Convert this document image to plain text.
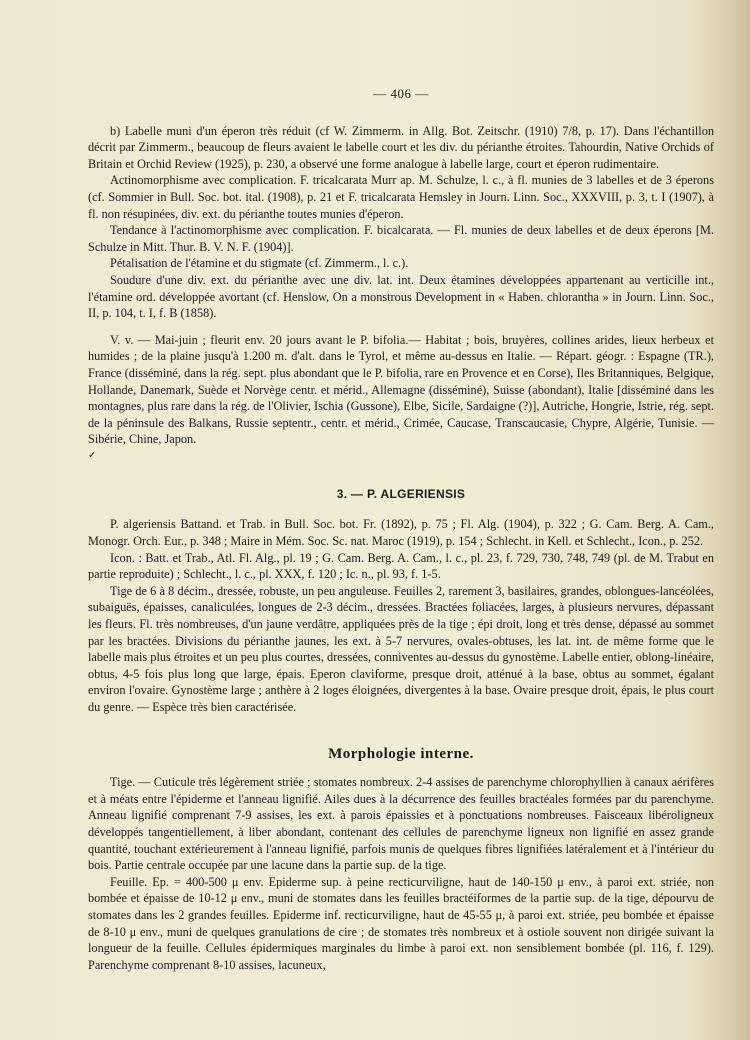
— 406 —

b) Labelle muni d'un éperon très réduit (cf W. Zimmerm. in Allg. Bot. Zeitschr. (1910) 7/8, p. 17). Dans l'échantillon décrit par Zimmerm., beaucoup de fleurs avaient le labelle court et les div. du périanthe étroites. Tahourdin, Native Orchids of Britain et Orchid Review (1925), p. 230, a observé une forme analogue à labelle large, court et éperon rudimentaire.

Actinomorphisme avec complication. F. tricalcarata Murr ap. M. Schulze, l. c., à fl. munies de 3 labelles et de 3 éperons (cf. Sommier in Bull. Soc. bot. ital. (1908), p. 21 et F. tricalcarata Hemsley in Journ. Linn. Soc., XXXVIII, p. 3, t. I (1907), à fl. non résupinées, div. ext. du périanthe toutes munies d'éperon.

Tendance à l'actinomorphisme avec complication. F. bicalcarata. — Fl. munies de deux labelles et de deux éperons [M. Schulze in Mitt. Thur. B. V. N. F. (1904)].

Pétalisation de l'étamine et du stigmate (cf. Zimmerm., l. c.).

Soudure d'une div. ext. du périanthe avec une div. lat. int. Deux étamines développées appartenant au verticille int., l'étamine ord. développée avortant (cf. Henslow, On a monstrous Development in « Haben. chlorantha » in Journ. Linn. Soc., II, p. 104, t. I, f. B (1858).

V. v. — Mai-juin ; fleurit env. 20 jours avant le P. bifolia.— Habitat ; bois, bruyères, collines arides, lieux herbeux et humides ; de la plaine jusqu'à 1.200 m. d'alt. dans le Tyrol, et même au-dessus en Italie. — Répart. géogr. : Espagne (TR.), France (disséminé, dans la rég. sept. plus abondant que le P. bifolia, rare en Provence et en Corse), Iles Britanniques, Belgique, Hollande, Danemark, Suède et Norvège centr. et mérid., Allemagne (disséminé), Suisse (abondant), Italie [disséminé dans les montagnes, plus rare dans la rég. de l'Olivier, Ischia (Gussone), Elbe, Sicile, Sardaigne (?)], Autriche, Hongrie, Istrie, rég. sept. de la péninsule des Balkans, Russie septentr., centr. et mérid., Crimée, Caucase, Transcaucasie, Chypre, Algérie, Tunisie. — Sibérie, Chine, Japon.

✓
3. — P. ALGERIENSIS

P. algeriensis Battand. et Trab. in Bull. Soc. bot. Fr. (1892), p. 75 ; Fl. Alg. (1904), p. 322 ; G. Cam. Berg. A. Cam., Monogr. Orch. Eur., p. 348 ; Maire in Mém. Soc. Sc. nat. Maroc (1919), p. 154 ; Schlecht. in Kell. et Schlecht., Icon., p. 252.

Icon. : Batt. et Trab., Atl. Fl. Alg., pl. 19 ; G. Cam. Berg. A. Cam., l. c., pl. 23, f. 729, 730, 748, 749 (pl. de M. Trabut en partie reproduite) ; Schlecht., l. c., pl. XXX, f. 120 ; Ic. n., pl. 93, f. 1-5.

Tige de 6 à 8 décim., dressée, robuste, un peu anguleuse. Feuilles 2, rarement 3, basilaires, grandes, oblongues-lancéolées, subaiguës, épaisses, canaliculées, longues de 2-3 décim., dressées. Bractées foliacées, larges, à plusieurs nervures, dépassant les fleurs. Fl. très nombreuses, d'un jaune verdâtre, appliquées près de la tige ; épi droit, long et très dense, dépassé au sommet par les bractées. Divisions du périanthe jaunes, les ext. à 5-7 nervures, ovales-obtuses, les lat. int. de même forme que le labelle mais plus étroites et un peu plus courtes, dressées, conniventes au-dessus du gynostème. Labelle entier, oblong-linéaire, obtus, 4-5 fois plus long que large, épais. Eperon claviforme, presque droit, atténué à la base, obtus au sommet, égalant environ l'ovaire. Gynostème large ; anthère à 2 loges éloignées, divergentes à la base. Ovaire presque droit, épais, le plus court du genre. — Espèce très bien caractérisée.

Morphologie interne.

Tige. — Cuticule très légèrement striée ; stomates nombreux. 2-4 assises de parenchyme chlorophyllien à canaux aérifères et à méats entre l'épiderme et l'anneau lignifié. Ailes dues à la décurrence des feuilles bractéales formées par du parenchyme. Anneau lignifié comprenant 7-9 assises, les ext. à parois épaissies et à ponctuations nombreuses. Faisceaux libéroligneux développés tangentiellement, à liber abondant, contenant des cellules de parenchyme ligneux non lignifié en assez grande quantité, touchant extérieurement à l'anneau lignifié, parfois munis de quelques fibres lignifiées latéralement et à l'intérieur du bois. Partie centrale occupée par une lacune dans la partie sup. de la tige.

Feuille. Ep. = 400-500 μ env. Epiderme sup. à peine recticurviligne, haut de 140-150 μ env., à paroi ext. striée, non bombée et épaisse de 10-12 μ env., muni de stomates dans les feuilles bractéiformes de la partie sup. de la tige, dépourvu de stomates dans les 2 grandes feuilles. Epiderme inf. recticurviligne, haut de 45-55 μ, à paroi ext. striée, peu bombée et épaisse de 8-10 μ env., muni de quelques granulations de cire ; de stomates très nombreux et à ostiole souvent non dirigée suivant la longueur de la feuille. Cellules épidermiques marginales du limbe à paroi ext. non sensiblement bombée (pl. 116, f. 129). Parenchyme comprenant 8-10 assises, lacuneux,
